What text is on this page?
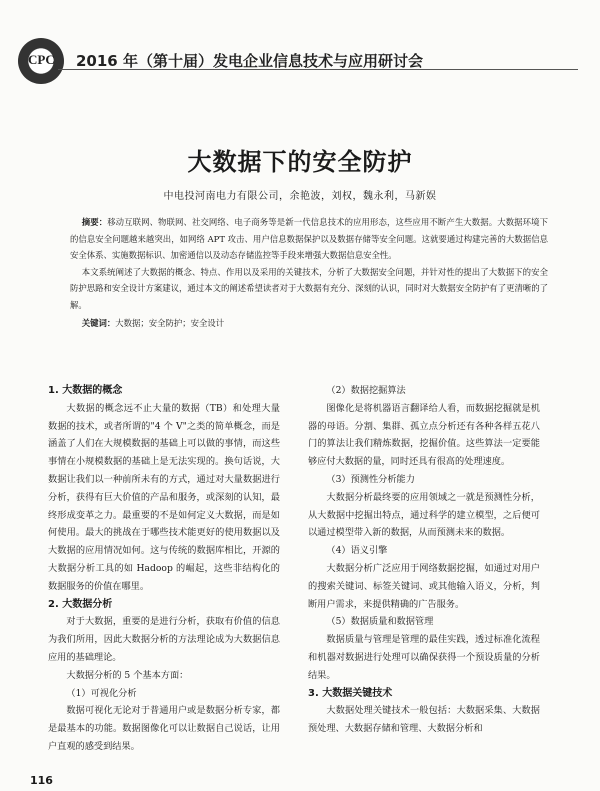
CPC 2016 年（第十届）发电企业信息技术与应用研讨会
大数据下的安全防护
中电投河南电力有限公司，余艳波，刘权，魏永利，马新娱

摘要：移动互联网、物联网、社交网络、电子商务等是新一代信息技术的应用形态，这些应用不断产生大数据。大数据环境下的信息安全问题越来越突出，如网络 APT 攻击、用户信息数据保护以及数据存储等安全问题。这就要通过构建完善的大数据信息安全体系、实施数据标识、加密通信以及动态存储监控等手段来增强大数据信息安全性。

本文系统阐述了大数据的概念、特点、作用以及采用的关键技术，分析了大数据安全问题，并针对性的提出了大数据下的安全防护思路和安全设计方案建议，通过本文的阐述希望读者对于大数据有充分、深刻的认识，同时对大数据安全防护有了更清晰的了解。

关键词：大数据；安全防护；安全设计

1. 大数据的概念

大数据的概念远不止大量的数据（TB）和处理大量数据的技术，或者所谓的"4 个 V"之类的简单概念，而是涵盖了人们在大规模数据的基础上可以做的事情，而这些事情在小规模数据的基础上是无法实现的。换句话说，大数据让我们以一种前所未有的方式，通过对大量数据进行分析，获得有巨大价值的产品和服务，或深刻的认知，最终形成变革之力。最重要的不是如何定义大数据，而是如何使用。最大的挑战在于哪些技术能更好的使用数据以及大数据的应用情况如何。这与传统的数据库相比，开源的大数据分析工具的如 Hadoop 的崛起，这些非结构化的数据服务的价值在哪里。

2. 大数据分析

对于大数据，重要的是进行分析，获取有价值的信息为我们所用，因此大数据分析的方法理论成为大数据信息应用的基础理论。

大数据分析的 5 个基本方面：

（1）可视化分析

数据可视化无论对于普通用户或是数据分析专家，都是最基本的功能。数据图像化可以让数据自己说话，让用户直观的感受到结果。

（2）数据挖掘算法

图像化是将机器语言翻译给人看，而数据挖掘就是机器的母语。分割、集群、孤立点分析还有各种各样五花八门的算法让我们精炼数据，挖掘价值。这些算法一定要能够应付大数据的量，同时还具有很高的处理速度。

（3）预测性分析能力

大数据分析最终要的应用领域之一就是预测性分析，从大数据中挖掘出特点，通过科学的建立模型，之后便可以通过模型带入新的数据，从而预测未来的数据。

（4）语义引擎

大数据分析广泛应用于网络数据挖掘，如通过对用户的搜索关键词、标签关键词、或其他输入语义，分析，判断用户需求，来提供精确的广告服务。

（5）数据质量和数据管理

数据质量与管理是管理的最佳实践，透过标准化流程和机器对数据进行处理可以确保获得一个预设质量的分析结果。

3. 大数据关键技术

大数据处理关键技术一般包括：大数据采集、大数据预处理、大数据存储和管理、大数据分析和

116
